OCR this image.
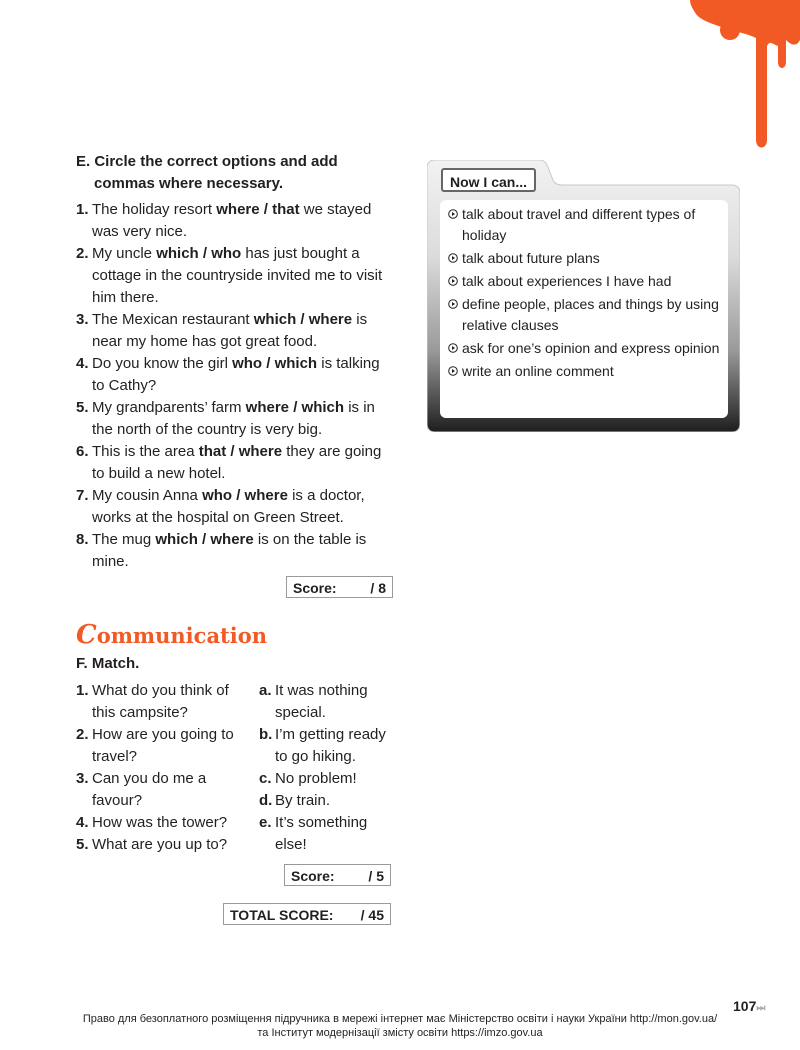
E. Circle the correct options and add
commas where necessary.
1. The holiday resort where / that we stayed was very nice.
2. My uncle which / who has just bought a cottage in the countryside invited me to visit him there.
3. The Mexican restaurant which / where is near my home has got great food.
4. Do you know the girl who / which is talking to Cathy?
5. My grandparents’ farm where / which is in the north of the country is very big.
6. This is the area that / where they are going to build a new hotel.
7. My cousin Anna who / where is a doctor, works at the hospital on Green Street.
8. The mug which / where is on the table is mine.
Score: / 8
Communication
F. Match.
1. What do you think of this campsite?
2. How are you going to travel?
3. Can you do me a favour?
4. How was the tower?
5. What are you up to?
a. It was nothing special.
b. I’m getting ready to go hiking.
c. No problem!
d. By train.
e. It’s something else!
Score: / 5
TOTAL SCORE: / 45
Now I can...
talk about travel and different types of holiday
talk about future plans
talk about experiences I have had
define people, places and things by using relative clauses
ask for one’s opinion and express opinion
write an online comment
107⏭
Право для безоплатного розміщення підручника в мережі інтернет має Міністерство освіти і науки України http://mon.gov.ua/
та Інститут модернізації змісту освіти https://imzo.gov.ua
